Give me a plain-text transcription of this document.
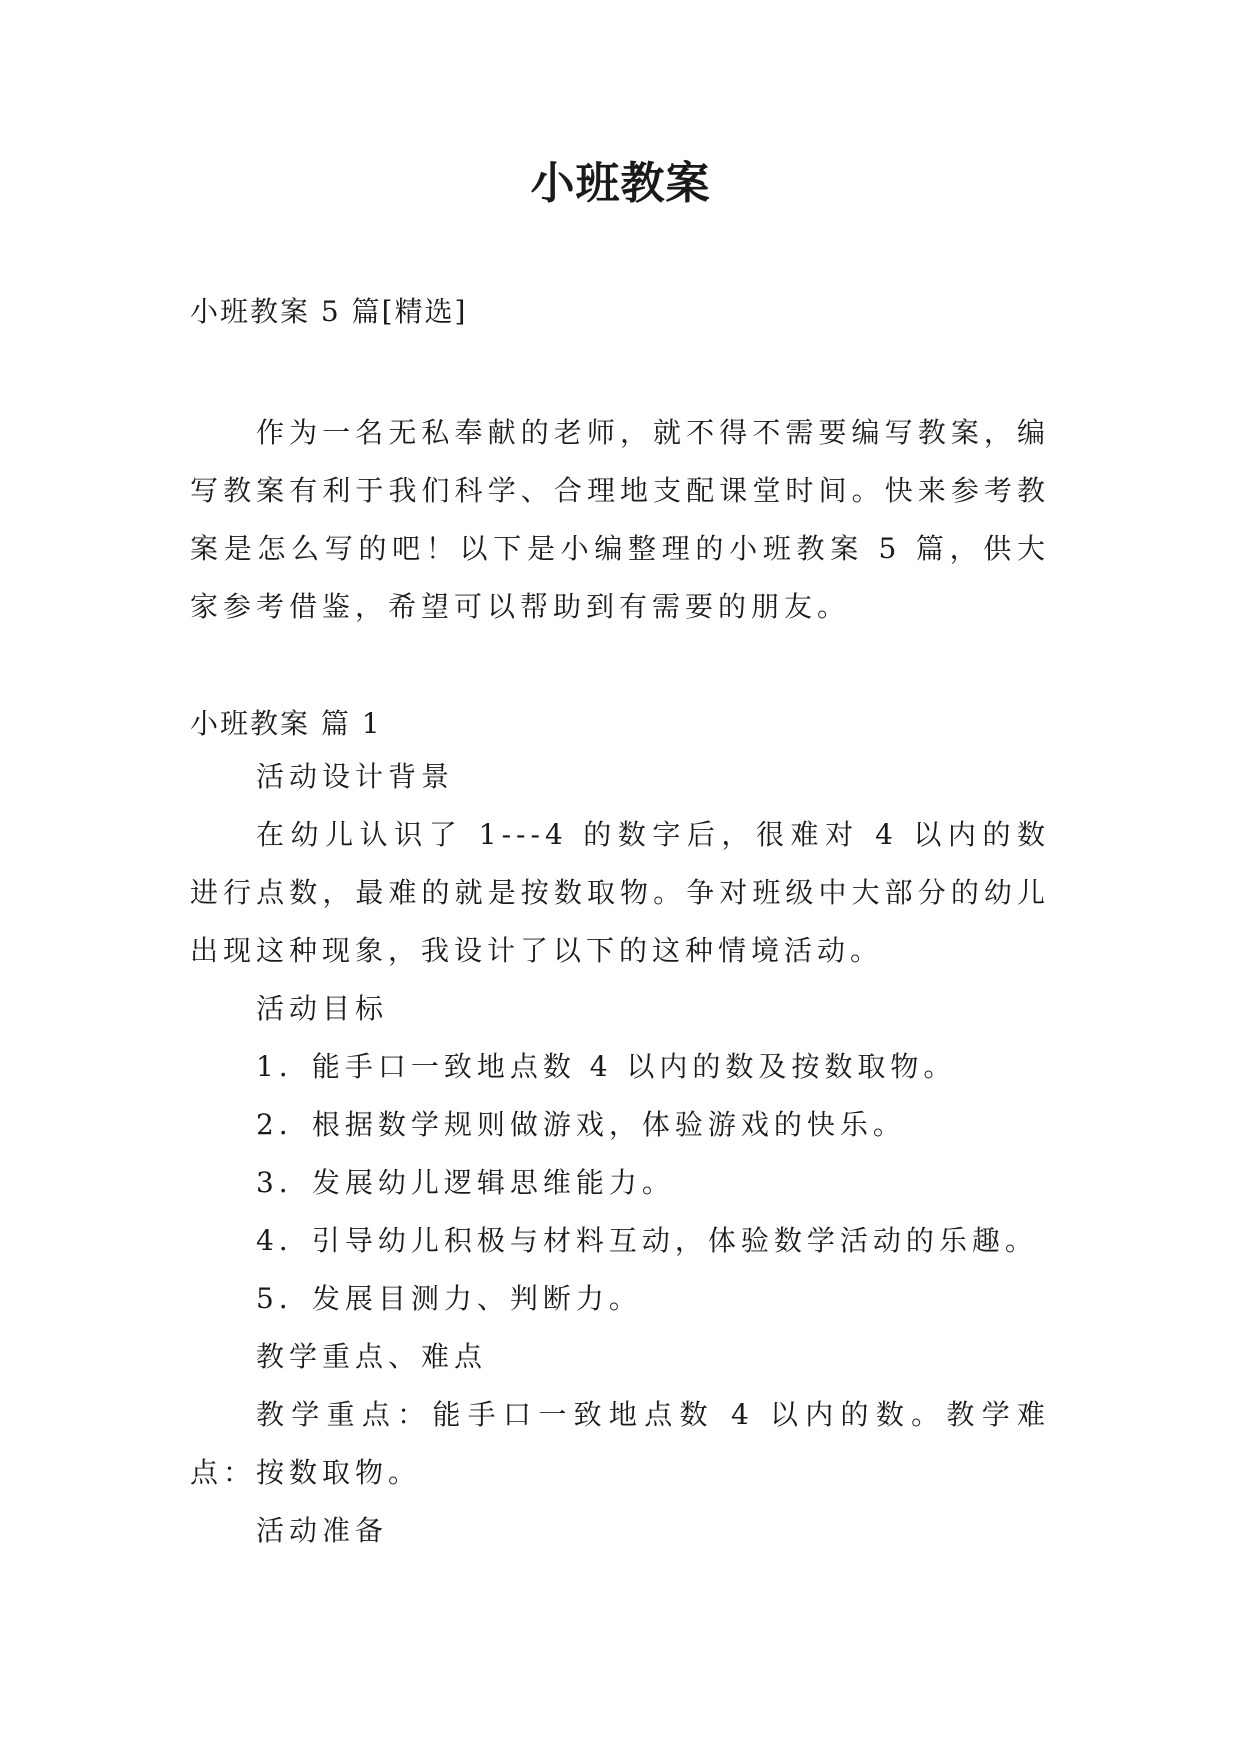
小班教案
小班教案 5 篇[精选]
作为一名无私奉献的老师，就不得不需要编写教案，编写教案有利于我们科学、合理地支配课堂时间。快来参考教案是怎么写的吧！以下是小编整理的小班教案 5 篇，供大家参考借鉴，希望可以帮助到有需要的朋友。
小班教案 篇 1
活动设计背景
在幼儿认识了 1---4 的数字后，很难对 4 以内的数进行点数，最难的就是按数取物。争对班级中大部分的幼儿出现这种现象，我设计了以下的这种情境活动。
活动目标
1．能手口一致地点数 4 以内的数及按数取物。
2．根据数学规则做游戏，体验游戏的快乐。
3．发展幼儿逻辑思维能力。
4．引导幼儿积极与材料互动，体验数学活动的乐趣。
5．发展目测力、判断力。
教学重点、难点
教学重点：能手口一致地点数 4 以内的数。教学难点：按数取物。
活动准备
